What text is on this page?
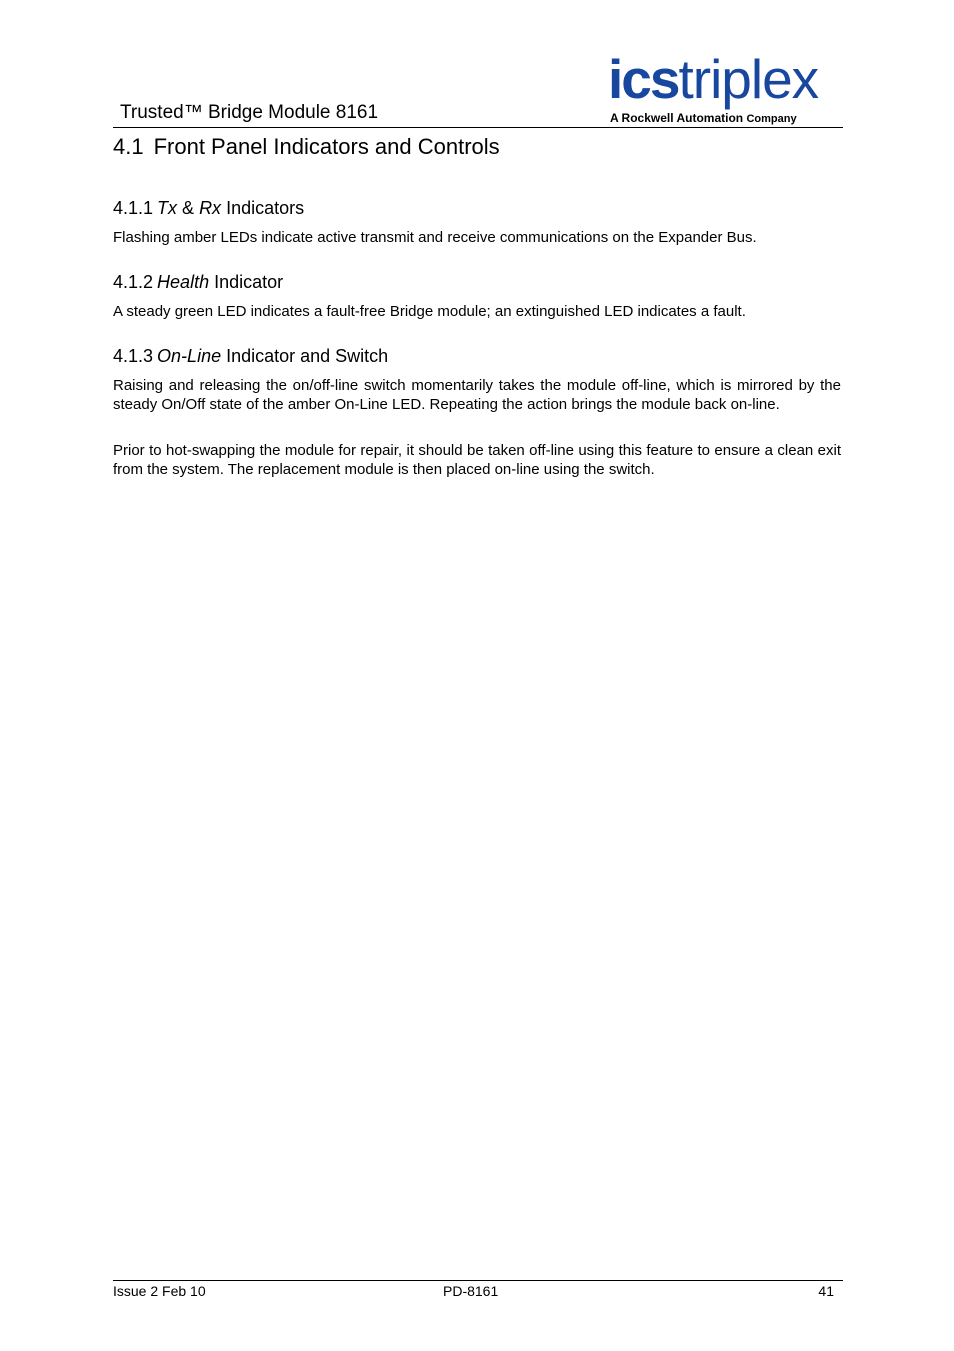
Trusted™ Bridge Module 8161
icstriplex
A Rockwell Automation Company
4.1 Front Panel Indicators and Controls
4.1.1 Tx & Rx Indicators
Flashing amber LEDs indicate active transmit and receive communications on the Expander Bus.
4.1.2 Health Indicator
A steady green LED indicates a fault-free Bridge module; an extinguished LED indicates a fault.
4.1.3 On-Line Indicator and Switch
Raising and releasing the on/off-line switch momentarily takes the module off-line, which is mirrored by the steady On/Off state of the amber On-Line LED. Repeating the action brings the module back on-line.
Prior to hot-swapping the module for repair, it should be taken off-line using this feature to ensure a clean exit from the system. The replacement module is then placed on-line using the switch.
Issue 2 Feb 10	PD-8161	41
